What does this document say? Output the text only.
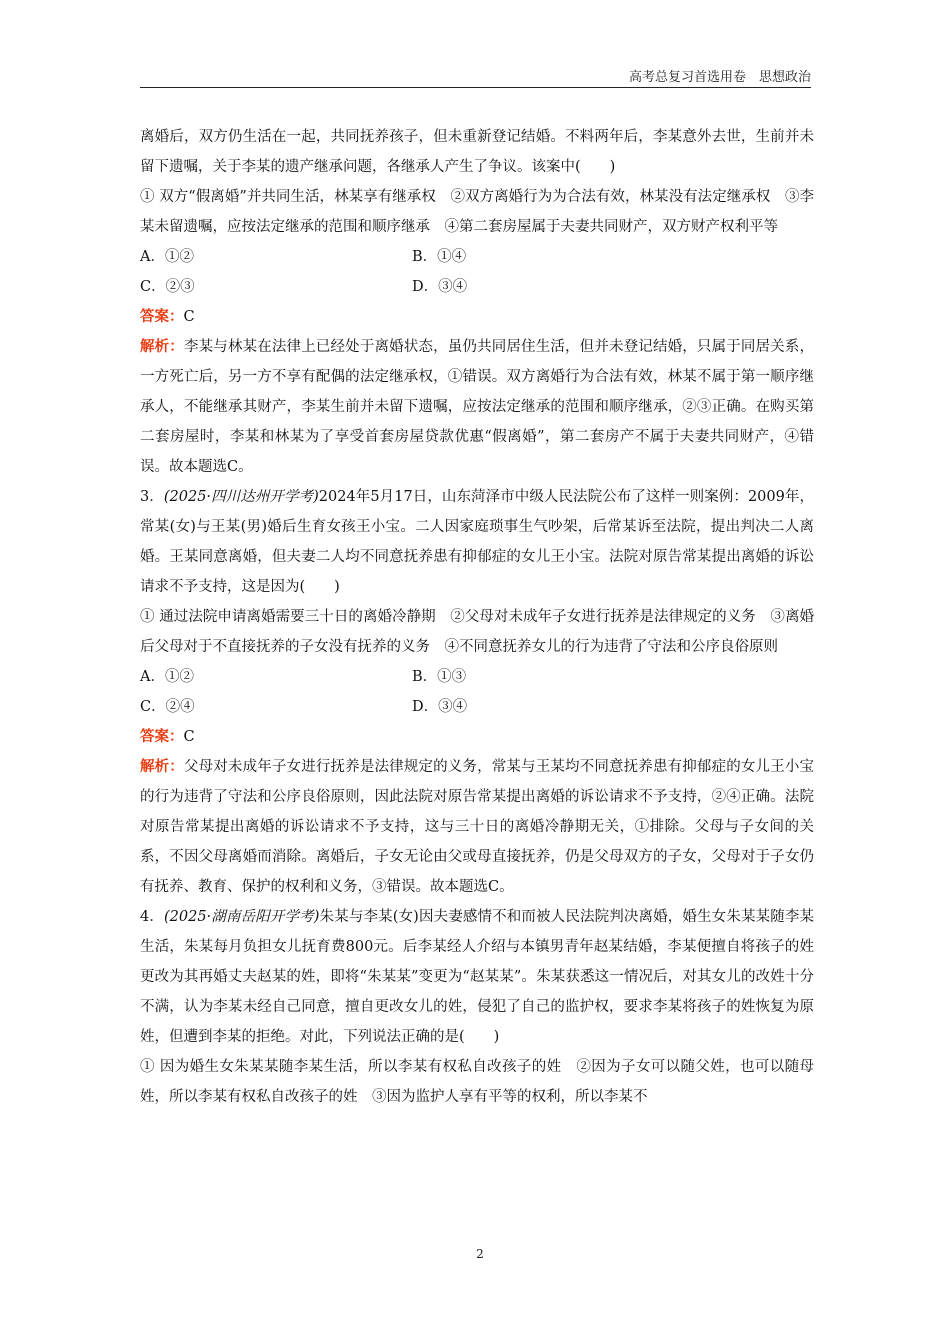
高考总复习首选用卷　思想政治

离婚后，双方仍生活在一起，共同抚养孩子，但未重新登记结婚。不料两年后，李某意外去世，生前并未留下遗嘱，关于李某的遗产继承问题，各继承人产生了争议。该案中(　　)

① 双方“假离婚”并共同生活，林某享有继承权　②双方离婚行为为合法有效，林某没有法定继承权　③李某未留遗嘱，应按法定继承的范围和顺序继承　④第二套房屋属于夫妻共同财产，双方财产权利平等

A．①②	B．①④
C．②③	D．③④

答案：C

解析：李某与林某在法律上已经处于离婚状态，虽仍共同居住生活，但并未登记结婚，只属于同居关系，一方死亡后，另一方不享有配偶的法定继承权，①错误。双方离婚行为合法有效，林某不属于第一顺序继承人，不能继承其财产，李某生前并未留下遗嘱，应按法定继承的范围和顺序继承，②③正确。在购买第二套房屋时，李某和林某为了享受首套房屋贷款优惠“假离婚”，第二套房产不属于夫妻共同财产，④错误。故本题选C。

3．(2025·四川达州开学考)2024年5月17日，山东菏泽市中级人民法院公布了这样一则案例：2009年，常某(女)与王某(男)婚后生育女孩王小宝。二人因家庭琐事生气吵架，后常某诉至法院，提出判决二人离婚。王某同意离婚，但夫妻二人均不同意抚养患有抑郁症的女儿王小宝。法院对原告常某提出离婚的诉讼请求不予支持，这是因为(　　)

① 通过法院申请离婚需要三十日的离婚冷静期　②父母对未成年子女进行抚养是法律规定的义务　③离婚后父母对于不直接抚养的子女没有抚养的义务　④不同意抚养女儿的行为违背了守法和公序良俗原则

A．①②	B．①③
C．②④	D．③④

答案：C

解析：父母对未成年子女进行抚养是法律规定的义务，常某与王某均不同意抚养患有抑郁症的女儿王小宝的行为违背了守法和公序良俗原则，因此法院对原告常某提出离婚的诉讼请求不予支持，②④正确。法院对原告常某提出离婚的诉讼请求不予支持，这与三十日的离婚冷静期无关，①排除。父母与子女间的关系，不因父母离婚而消除。离婚后，子女无论由父或母直接抚养，仍是父母双方的子女，父母对于子女仍有抚养、教育、保护的权利和义务，③错误。故本题选C。

4．(2025·湖南岳阳开学考)朱某与李某(女)因夫妻感情不和而被人民法院判决离婚，婚生女朱某某随李某生活，朱某每月负担女儿抚育费800元。后李某经人介绍与本镇男青年赵某结婚，李某便擅自将孩子的姓更改为其再婚丈夫赵某的姓，即将“朱某某”变更为“赵某某”。朱某获悉这一情况后，对其女儿的改姓十分不满，认为李某未经自己同意，擅自更改女儿的姓，侵犯了自己的监护权，要求李某将孩子的姓恢复为原姓，但遭到李某的拒绝。对此，下列说法正确的是(　　)

① 因为婚生女朱某某随李某生活，所以李某有权私自改孩子的姓　②因为子女可以随父姓，也可以随母姓，所以李某有权私自改孩子的姓　③因为监护人享有平等的权利，所以李某不

2
